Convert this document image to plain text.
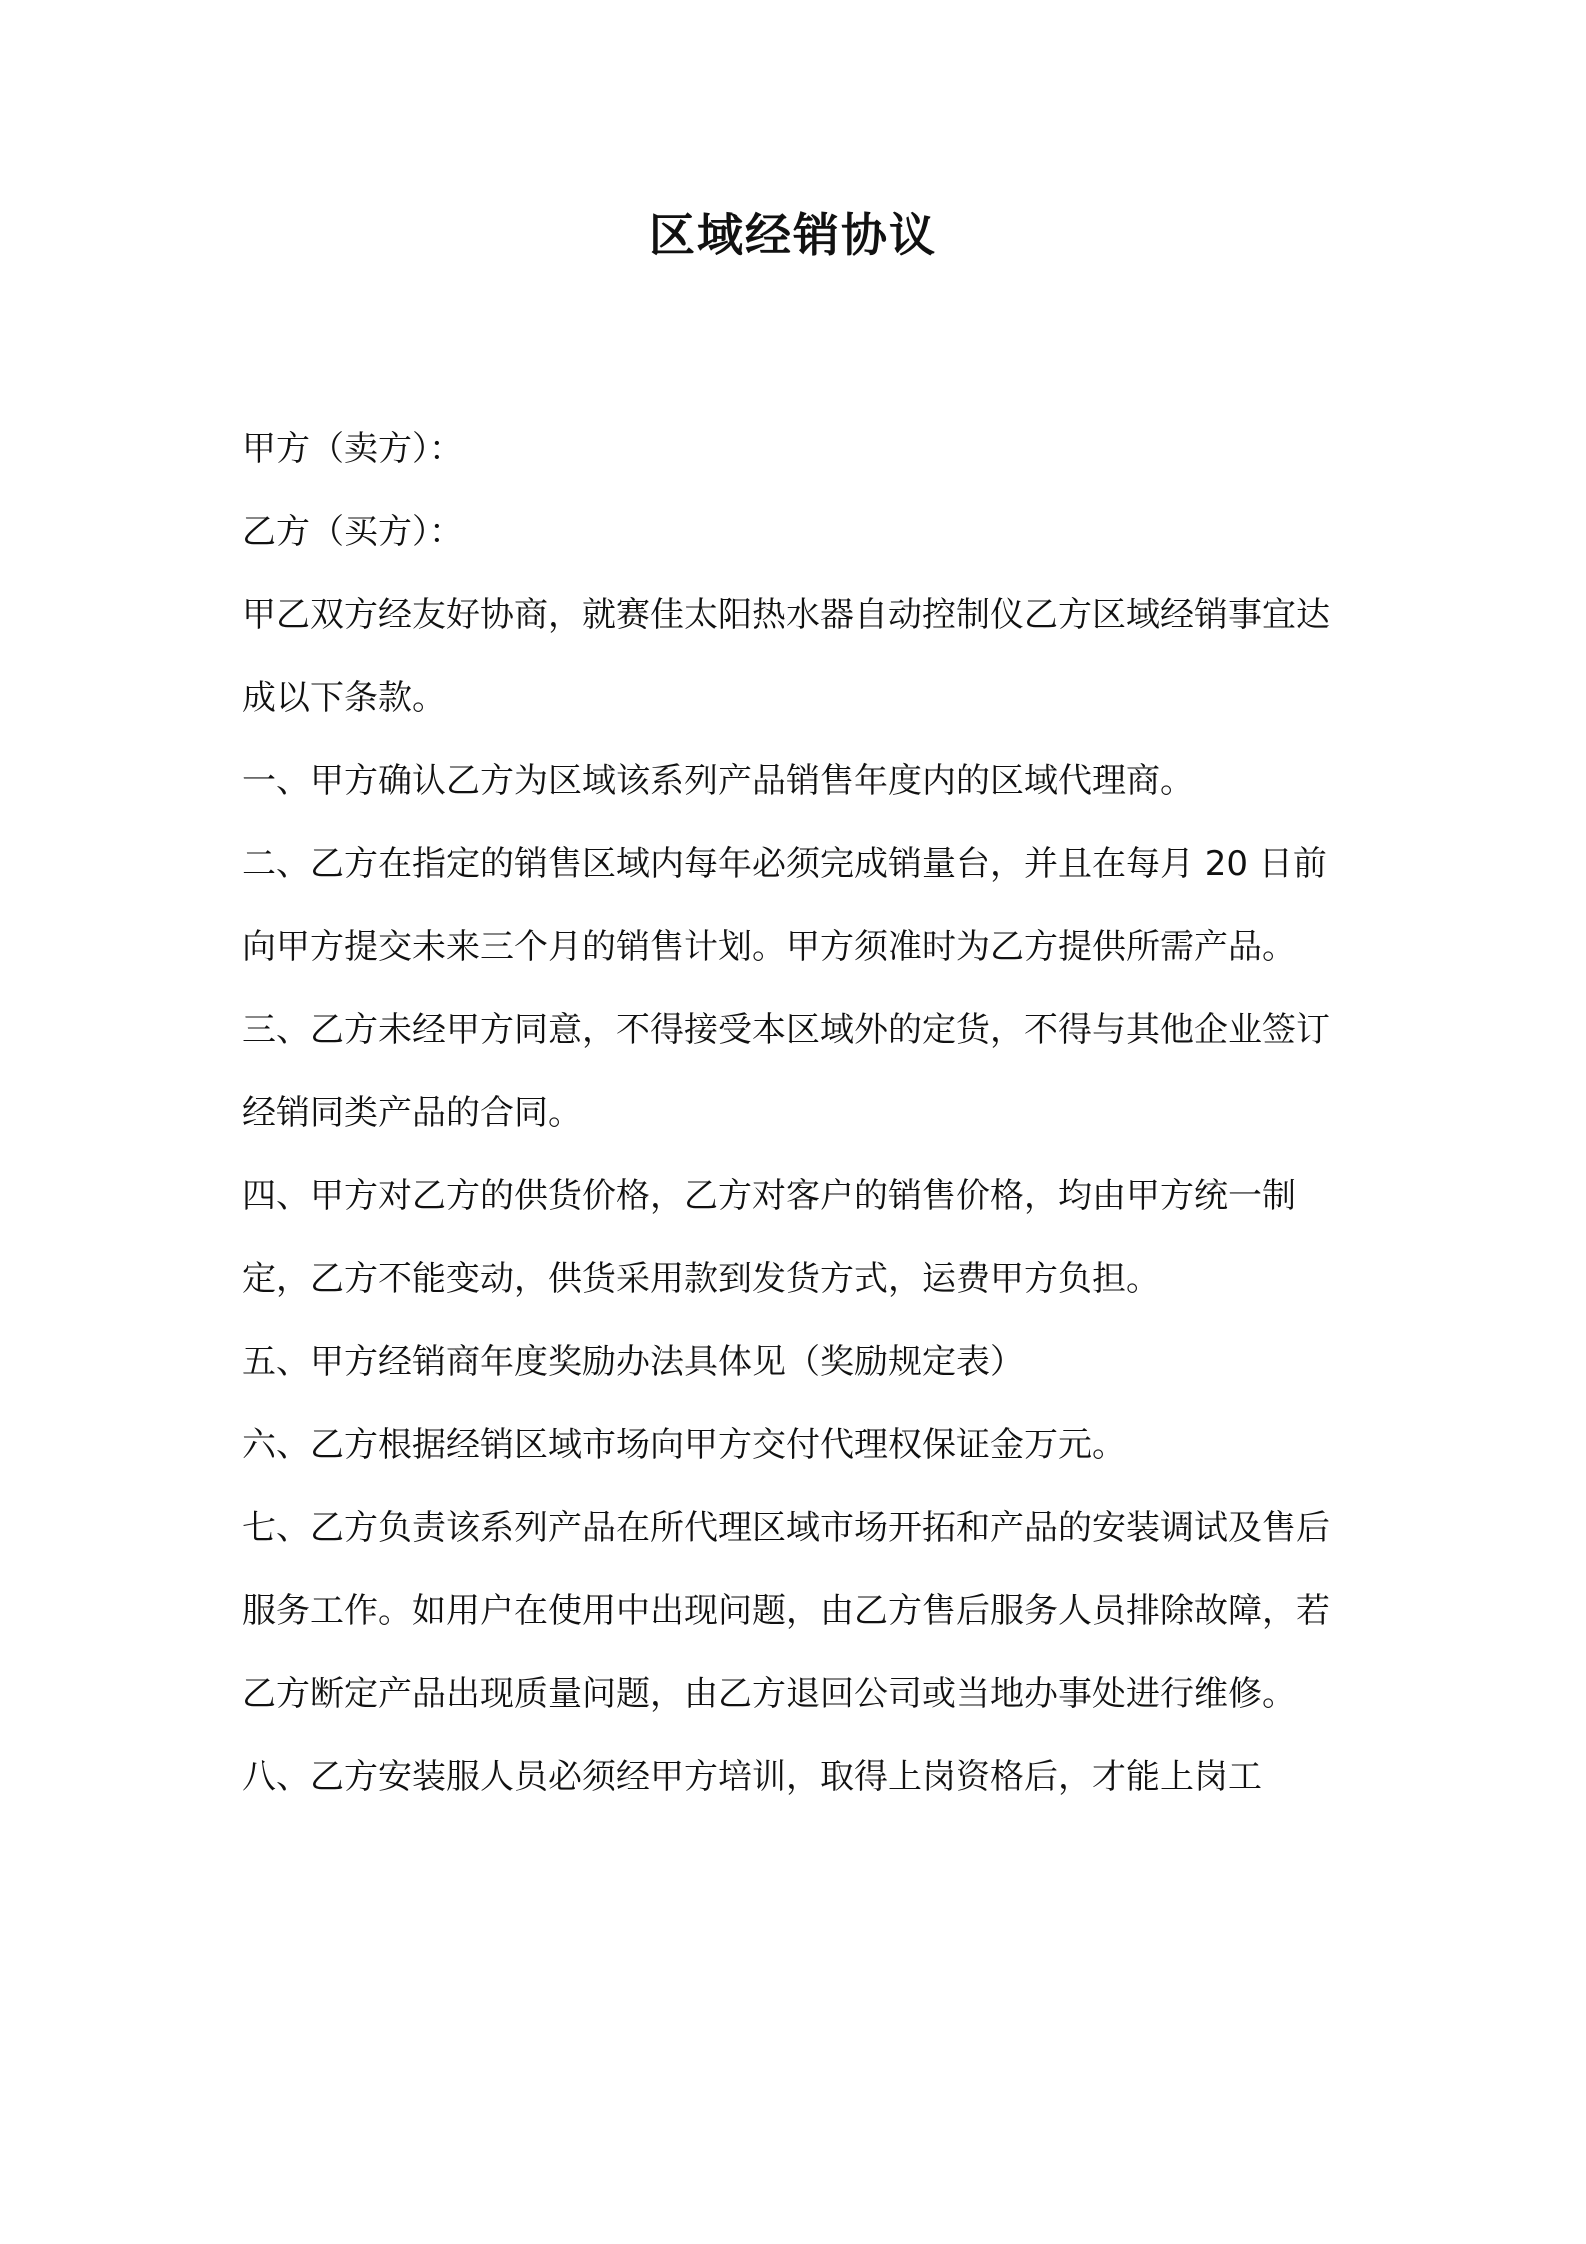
区域经销协议

甲方（卖方）：

乙方（买方）：

甲乙双方经友好协商，就赛佳太阳热水器自动控制仪乙方区域经销事宜达成以下条款。

一、甲方确认乙方为区域该系列产品销售年度内的区域代理商。

二、乙方在指定的销售区域内每年必须完成销量台，并且在每月 20 日前向甲方提交未来三个月的销售计划。甲方须准时为乙方提供所需产品。

三、乙方未经甲方同意，不得接受本区域外的定货，不得与其他企业签订经销同类产品的合同。

四、甲方对乙方的供货价格，乙方对客户的销售价格，均由甲方统一制定，乙方不能变动，供货采用款到发货方式，运费甲方负担。

五、甲方经销商年度奖励办法具体见（奖励规定表）

六、乙方根据经销区域市场向甲方交付代理权保证金万元。

七、乙方负责该系列产品在所代理区域市场开拓和产品的安装调试及售后服务工作。如用户在使用中出现问题，由乙方售后服务人员排除故障，若乙方断定产品出现质量问题，由乙方退回公司或当地办事处进行维修。

八、乙方安装服人员必须经甲方培训，取得上岗资格后，才能上岗工
